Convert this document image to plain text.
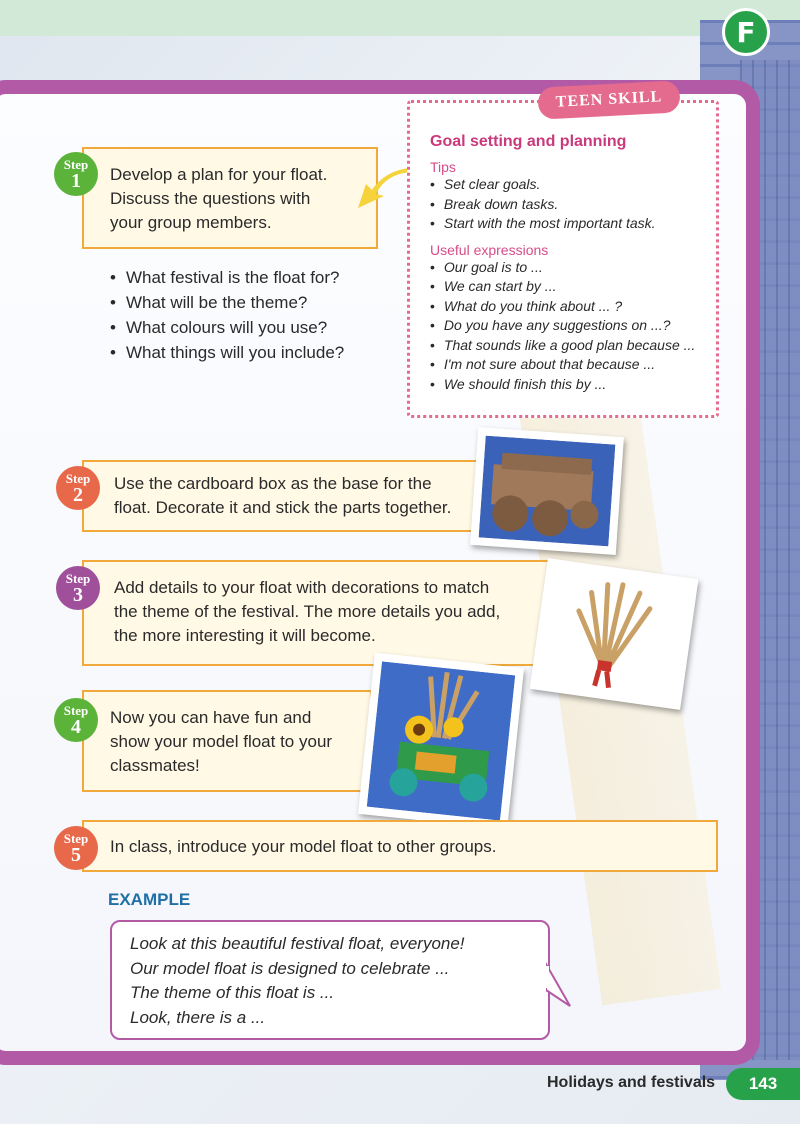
F
Develop a plan for your float.
Discuss the questions with
your group members.
Step
1
• What festival is the float for?
• What will be the theme?
• What colours will you use?
• What things will you include?
Goal setting and planning
Tips
• Set clear goals.
• Break down tasks.
• Start with the most important task.
Useful expressions
• Our goal is to ...
• We can start by ...
• What do you think about ... ?
• Do you have any suggestions on ...?
• That sounds like a good plan because ...
• I'm not sure about that because ...
• We should finish this by ...
TEEN SKILL
Use the cardboard box as the base for the
float. Decorate it and stick the parts together.
Step
2
Add details to your float with decorations to match
the theme of the festival. The more details you add,
the more interesting it will become.
Step
3
Now you can have fun and
show your model float to your
classmates!
Step
4
In class, introduce your model float to other groups.
Step
5
EXAMPLE
Look at this beautiful festival float, everyone!
Our model float is designed to celebrate ...
The theme of this float is ...
Look, there is a ...
Holidays and festivals	143
